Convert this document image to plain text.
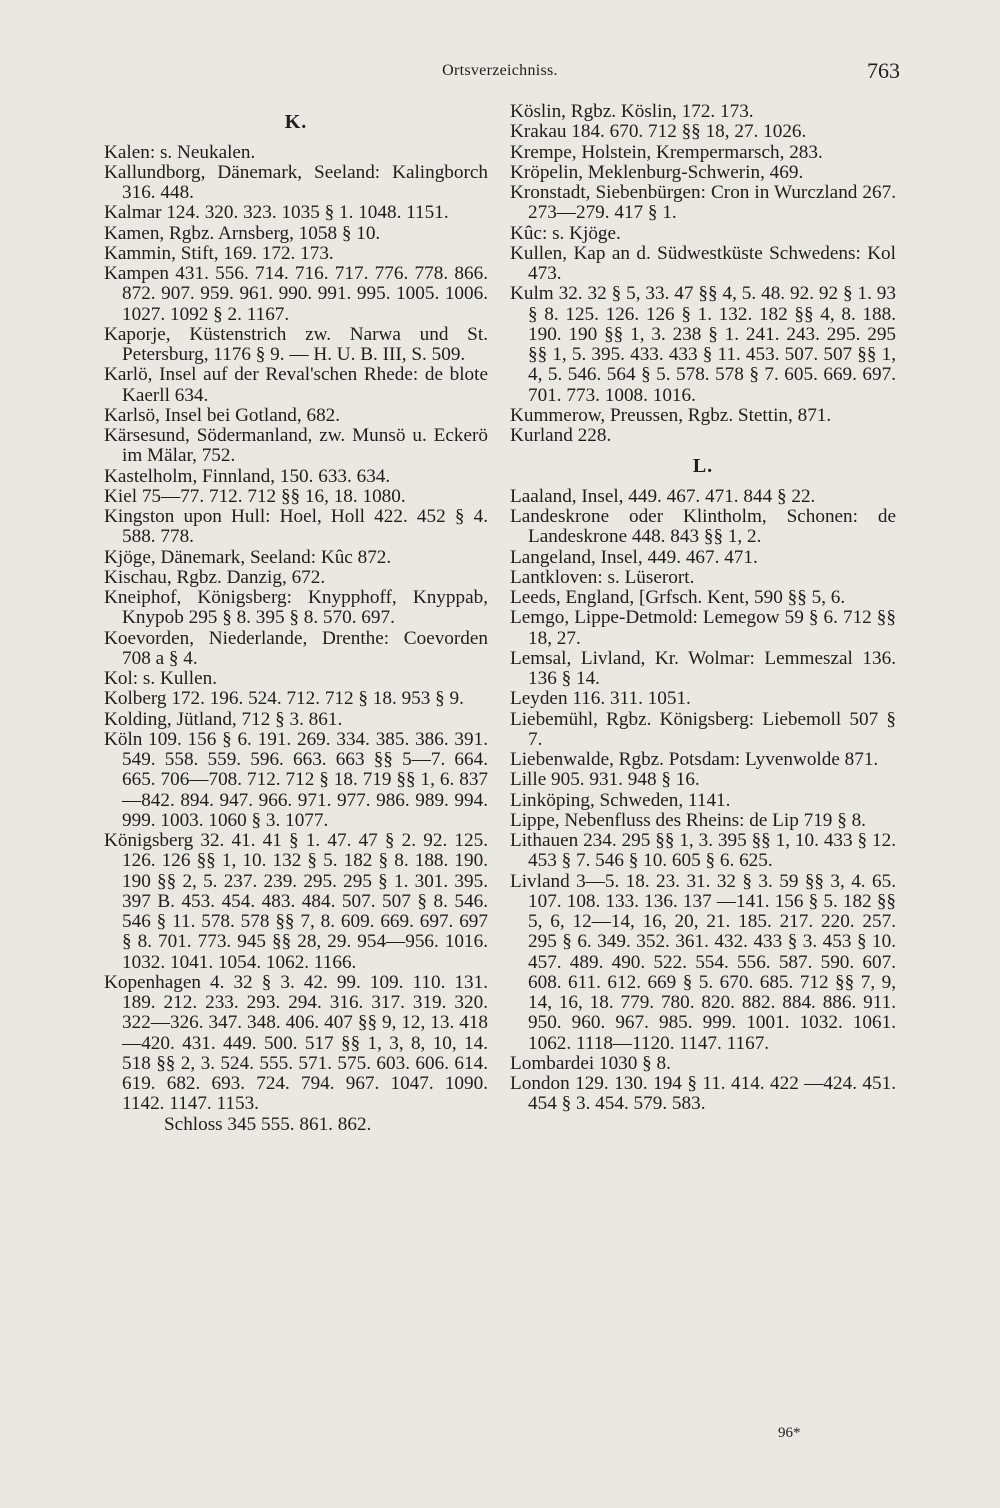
Ortsverzeichniss.	763
K.

Kalen: s. Neukalen.

Kallundborg, Dänemark, Seeland: Kalingborch 316. 448.

Kalmar 124. 320. 323. 1035 § 1. 1048. 1151.

Kamen, Rgbz. Arnsberg, 1058 § 10.

Kammin, Stift, 169. 172. 173.

Kampen 431. 556. 714. 716. 717. 776. 778. 866. 872. 907. 959. 961. 990. 991. 995. 1005. 1006. 1027. 1092 § 2. 1167.

Kaporje, Küstenstrich zw. Narwa und St. Petersburg, 1176 § 9. — H. U. B. III, S. 509.

Karlö, Insel auf der Reval'schen Rhede: de blote Kaerll 634.

Karlsö, Insel bei Gotland, 682.

Kärsesund, Södermanland, zw. Munsö u. Eckerö im Mälar, 752.

Kastelholm, Finnland, 150. 633. 634.

Kiel 75—77. 712. 712 §§ 16, 18. 1080.

Kingston upon Hull: Hoel, Holl 422. 452 § 4. 588. 778.

Kjöge, Dänemark, Seeland: Kûc 872.

Kischau, Rgbz. Danzig, 672.

Kneiphof, Königsberg: Knypphoff, Knyppab, Knypob 295 § 8. 395 § 8. 570. 697.

Koevorden, Niederlande, Drenthe: Coevorden 708 a § 4.

Kol: s. Kullen.

Kolberg 172. 196. 524. 712. 712 § 18. 953 § 9.

Kolding, Jütland, 712 § 3. 861.

Köln 109. 156 § 6. 191. 269. 334. 385. 386. 391. 549. 558. 559. 596. 663. 663 §§ 5—7. 664. 665. 706—708. 712. 712 § 18. 719 §§ 1, 6. 837—842. 894. 947. 966. 971. 977. 986. 989. 994. 999. 1003. 1060 § 3. 1077.

Königsberg 32. 41. 41 § 1. 47. 47 § 2. 92. 125. 126. 126 §§ 1, 10. 132 § 5. 182 § 8. 188. 190. 190 §§ 2, 5. 237. 239. 295. 295 § 1. 301. 395. 397 B. 453. 454. 483. 484. 507. 507 § 8. 546. 546 § 11. 578. 578 §§ 7, 8. 609. 669. 697. 697 § 8. 701. 773. 945 §§ 28, 29. 954—956. 1016. 1032. 1041. 1054. 1062. 1166.

Kopenhagen 4. 32 § 3. 42. 99. 109. 110. 131. 189. 212. 233. 293. 294. 316. 317. 319. 320. 322—326. 347. 348. 406. 407 §§ 9, 12, 13. 418—420. 431. 449. 500. 517 §§ 1, 3, 8, 10, 14. 518 §§ 2, 3. 524. 555. 571. 575. 603. 606. 614. 619. 682. 693. 724. 794. 967. 1047. 1090. 1142. 1147. 1153.

Schloss 345 555. 861. 862.

Köslin, Rgbz. Köslin, 172. 173.

Krakau 184. 670. 712 §§ 18, 27. 1026.

Krempe, Holstein, Krempermarsch, 283.

Kröpelin, Meklenburg-Schwerin, 469.

Kronstadt, Siebenbürgen: Cron in Wurczland 267. 273—279. 417 § 1.

Kûc: s. Kjöge.

Kullen, Kap an d. Südwestküste Schwedens: Kol 473.

Kulm 32. 32 § 5, 33. 47 §§ 4, 5. 48. 92. 92 § 1. 93 § 8. 125. 126. 126 § 1. 132. 182 §§ 4, 8. 188. 190. 190 §§ 1, 3. 238 § 1. 241. 243. 295. 295 §§ 1, 5. 395. 433. 433 § 11. 453. 507. 507 §§ 1, 4, 5. 546. 564 § 5. 578. 578 § 7. 605. 669. 697. 701. 773. 1008. 1016.

Kummerow, Preussen, Rgbz. Stettin, 871.

Kurland 228.

L.

Laaland, Insel, 449. 467. 471. 844 § 22.

Landeskrone oder Klintholm, Schonen: de Landeskrone 448. 843 §§ 1, 2.

Langeland, Insel, 449. 467. 471.

Lantkloven: s. Lüserort.

Leeds, England, [Grfsch. Kent, 590 §§ 5, 6.

Lemgo, Lippe-Detmold: Lemegow 59 § 6. 712 §§ 18, 27.

Lemsal, Livland, Kr. Wolmar: Lemmeszal 136. 136 § 14.

Leyden 116. 311. 1051.

Liebemühl, Rgbz. Königsberg: Liebemoll 507 § 7.

Liebenwalde, Rgbz. Potsdam: Lyvenwolde 871.

Lille 905. 931. 948 § 16.

Linköping, Schweden, 1141.

Lippe, Nebenfluss des Rheins: de Lip 719 § 8.

Lithauen 234. 295 §§ 1, 3. 395 §§ 1, 10. 433 § 12. 453 § 7. 546 § 10. 605 § 6. 625.

Livland 3—5. 18. 23. 31. 32 § 3. 59 §§ 3, 4. 65. 107. 108. 133. 136. 137 —141. 156 § 5. 182 §§ 5, 6, 12—14, 16, 20, 21. 185. 217. 220. 257. 295 § 6. 349. 352. 361. 432. 433 § 3. 453 § 10. 457. 489. 490. 522. 554. 556. 587. 590. 607. 608. 611. 612. 669 § 5. 670. 685. 712 §§ 7, 9, 14, 16, 18. 779. 780. 820. 882. 884. 886. 911. 950. 960. 967. 985. 999. 1001. 1032. 1061. 1062. 1118—1120. 1147. 1167.

Lombardei 1030 § 8.

London 129. 130. 194 § 11. 414. 422 —424. 451. 454 § 3. 454. 579. 583.

96*
